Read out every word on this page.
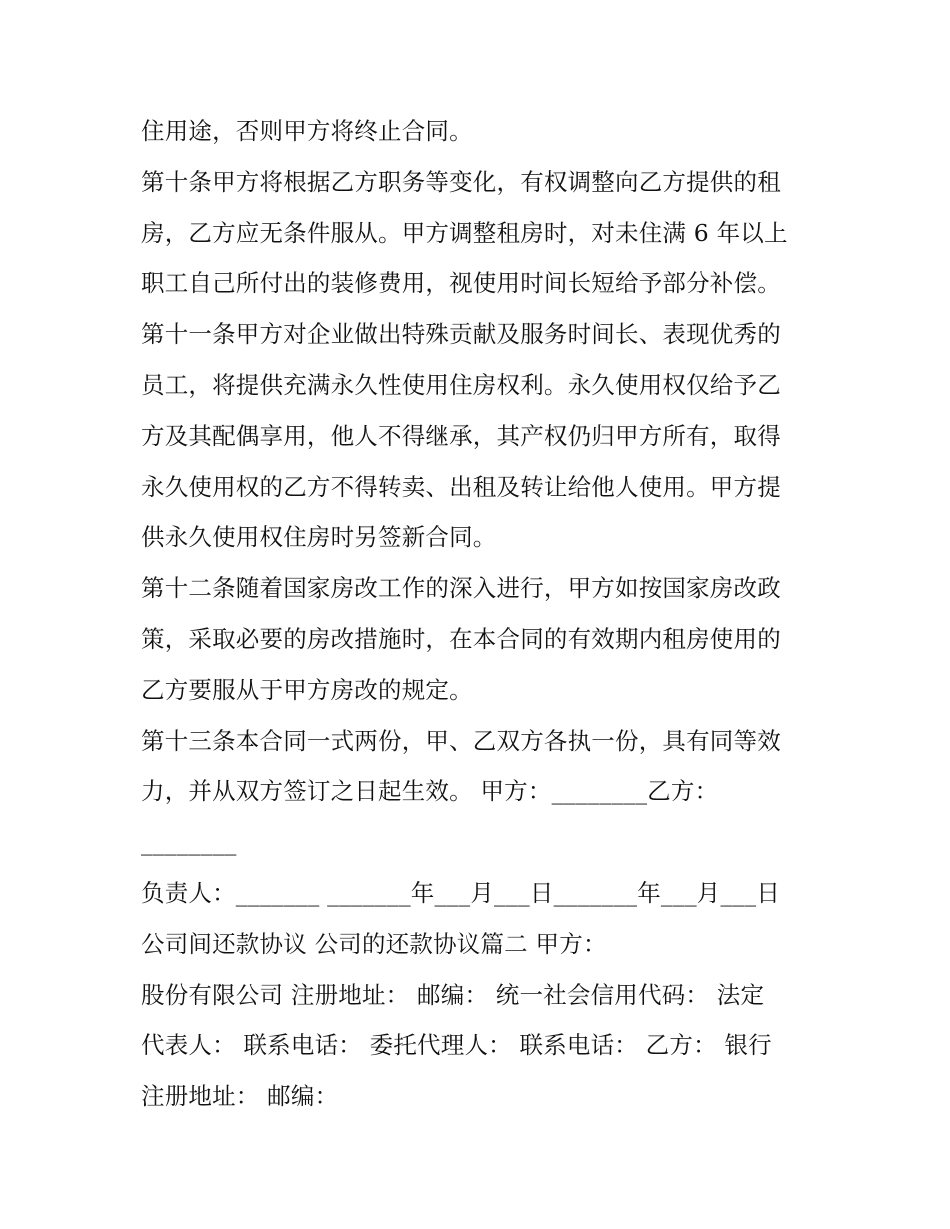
住用途，否则甲方将终止合同。
第十条甲方将根据乙方职务等变化，有权调整向乙方提供的租
房，乙方应无条件服从。甲方调整租房时，对未住满 6 年以上
职工自己所付出的装修费用，视使用时间长短给予部分补偿。
第十一条甲方对企业做出特殊贡献及服务时间长、表现优秀的
员工，将提供充满永久性使用住房权利。永久使用权仅给予乙
方及其配偶享用，他人不得继承，其产权仍归甲方所有，取得
永久使用权的乙方不得转卖、出租及转让给他人使用。甲方提
供永久使用权住房时另签新合同。
第十二条随着国家房改工作的深入进行，甲方如按国家房改政
策，采取必要的房改措施时，在本合同的有效期内租房使用的
乙方要服从于甲方房改的规定。
第十三条本合同一式两份，甲、乙双方各执一份，具有同等效
力，并从双方签订之日起生效。 甲方：________乙方：
________
负责人：_______ _______年___月___日_______年___月___日
公司间还款协议 公司的还款协议篇二 甲方：
股份有限公司 注册地址： 邮编： 统一社会信用代码： 法定
代表人： 联系电话： 委托代理人： 联系电话： 乙方： 银行
注册地址： 邮编：
